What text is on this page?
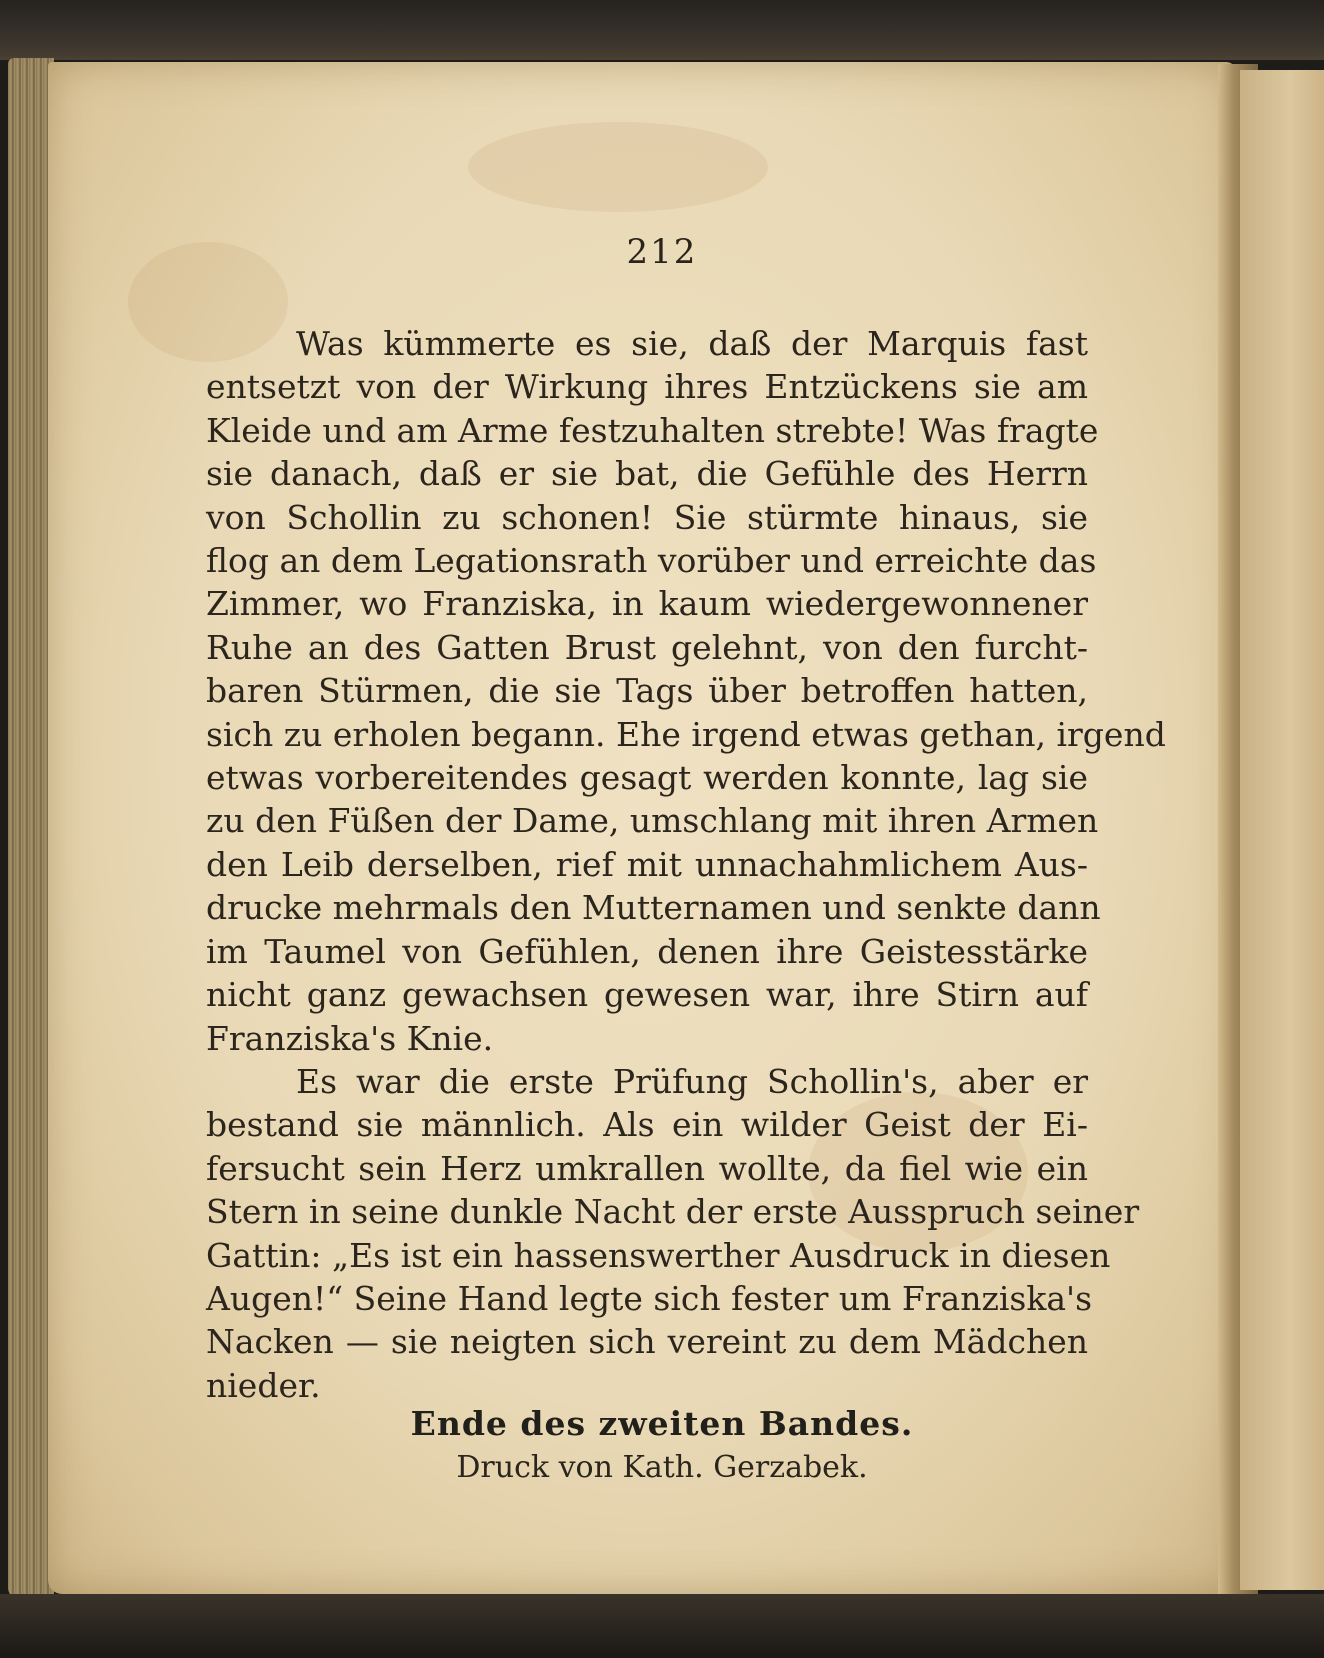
212
Was kümmerte es sie, daß der Marquis fast
entsetzt von der Wirkung ihres Entzückens sie am
Kleide und am Arme festzuhalten strebte! Was fragte
sie danach, daß er sie bat, die Gefühle des Herrn
von Schollin zu schonen! Sie stürmte hinaus, sie
flog an dem Legationsrath vorüber und erreichte das
Zimmer, wo Franziska, in kaum wiedergewonnener
Ruhe an des Gatten Brust gelehnt, von den furcht-
baren Stürmen, die sie Tags über betroffen hatten,
sich zu erholen begann. Ehe irgend etwas gethan, irgend
etwas vorbereitendes gesagt werden konnte, lag sie
zu den Füßen der Dame, umschlang mit ihren Armen
den Leib derselben, rief mit unnachahmlichem Aus-
drucke mehrmals den Mutternamen und senkte dann
im Taumel von Gefühlen, denen ihre Geistesstärke
nicht ganz gewachsen gewesen war, ihre Stirn auf
Franziska's Knie.
Es war die erste Prüfung Schollin's, aber er
bestand sie männlich. Als ein wilder Geist der Ei-
fersucht sein Herz umkrallen wollte, da fiel wie ein
Stern in seine dunkle Nacht der erste Ausspruch seiner
Gattin: „Es ist ein hassenswerther Ausdruck in diesen
Augen!“ Seine Hand legte sich fester um Franziska's
Nacken — sie neigten sich vereint zu dem Mädchen
nieder.
Ende des zweiten Bandes.
Druck von Kath. Gerzabek.
